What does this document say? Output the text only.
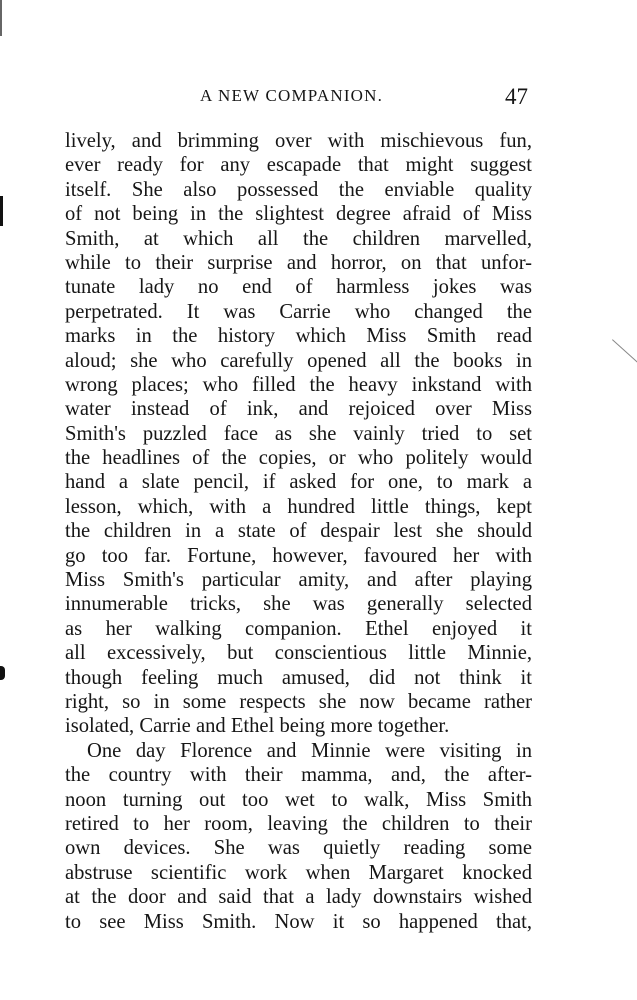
A NEW COMPANION.	47
lively, and brimming over with mischievous fun,
ever ready for any escapade that might suggest
itself. She also possessed the enviable quality
of not being in the slightest degree afraid of Miss
Smith, at which all the children marvelled,
while to their surprise and horror, on that unfor-
tunate lady no end of harmless jokes was
perpetrated. It was Carrie who changed the
marks in the history which Miss Smith read
aloud; she who carefully opened all the books in
wrong places; who filled the heavy inkstand with
water instead of ink, and rejoiced over Miss
Smith's puzzled face as she vainly tried to set
the headlines of the copies, or who politely would
hand a slate pencil, if asked for one, to mark a
lesson, which, with a hundred little things, kept
the children in a state of despair lest she should
go too far. Fortune, however, favoured her with
Miss Smith's particular amity, and after playing
innumerable tricks, she was generally selected
as her walking companion. Ethel enjoyed it
all excessively, but conscientious little Minnie,
though feeling much amused, did not think it
right, so in some respects she now became rather
isolated, Carrie and Ethel being more together.
One day Florence and Minnie were visiting in
the country with their mamma, and, the after-
noon turning out too wet to walk, Miss Smith
retired to her room, leaving the children to their
own devices. She was quietly reading some
abstruse scientific work when Margaret knocked
at the door and said that a lady downstairs wished
to see Miss Smith. Now it so happened that,
